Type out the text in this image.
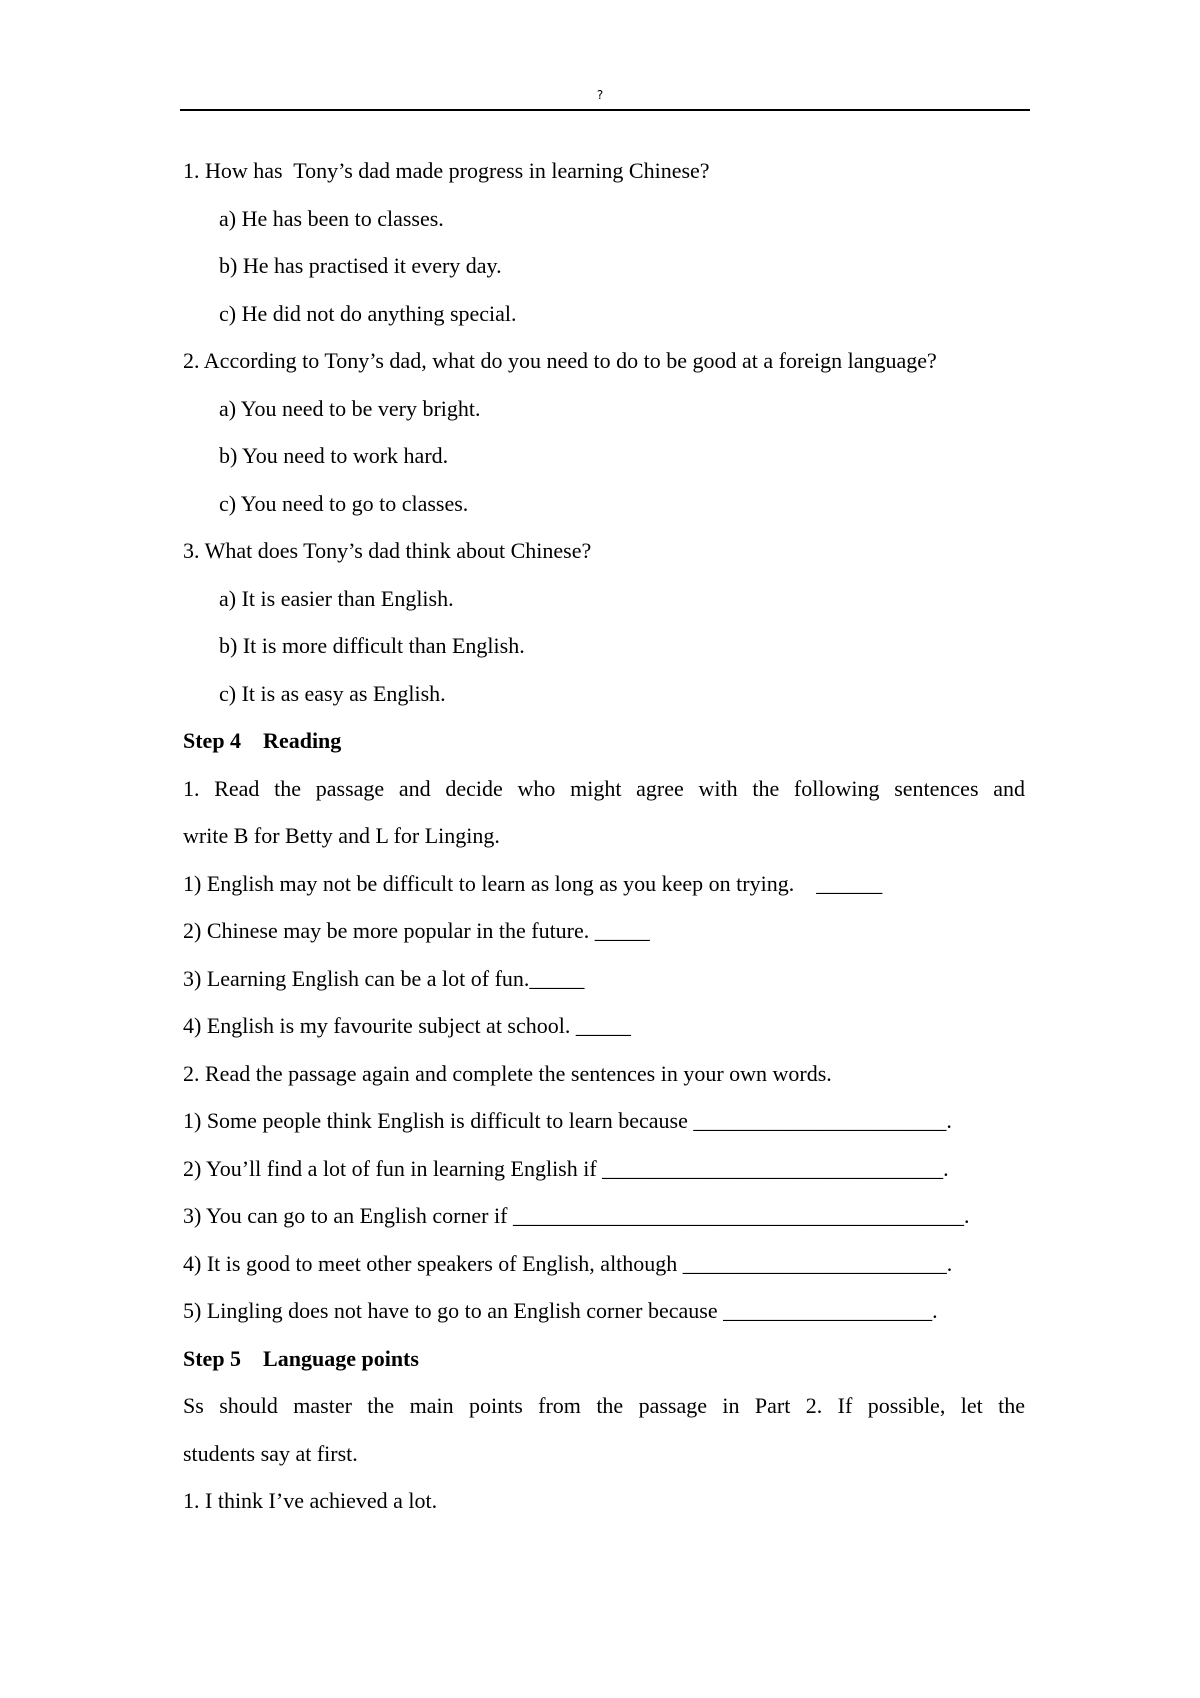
?
1. How has  Tony’s dad made progress in learning Chinese?
a) He has been to classes.
b) He has practised it every day.
c) He did not do anything special.
2. According to Tony’s dad, what do you need to do to be good at a foreign language?
a) You need to be very bright.
b) You need to work hard.
c) You need to go to classes.
3. What does Tony’s dad think about Chinese?
a) It is easier than English.
b) It is more difficult than English.
c) It is as easy as English.
Step 4    Reading
1. Read the passage and decide who might agree with the following sentences and
write B for Betty and L for Linging.
1) English may not be difficult to learn as long as you keep on trying.    ______
2) Chinese may be more popular in the future. _____
3) Learning English can be a lot of fun._____
4) English is my favourite subject at school. _____
2. Read the passage again and complete the sentences in your own words.
1) Some people think English is difficult to learn because _______________________.
2) You’ll find a lot of fun in learning English if _______________________________.
3) You can go to an English corner if _________________________________________.
4) It is good to meet other speakers of English, although ________________________.
5) Lingling does not have to go to an English corner because ___________________.
Step 5    Language points
Ss should master the main points from the passage in Part 2. If possible, let the
students say at first.
1. I think I’ve achieved a lot.
